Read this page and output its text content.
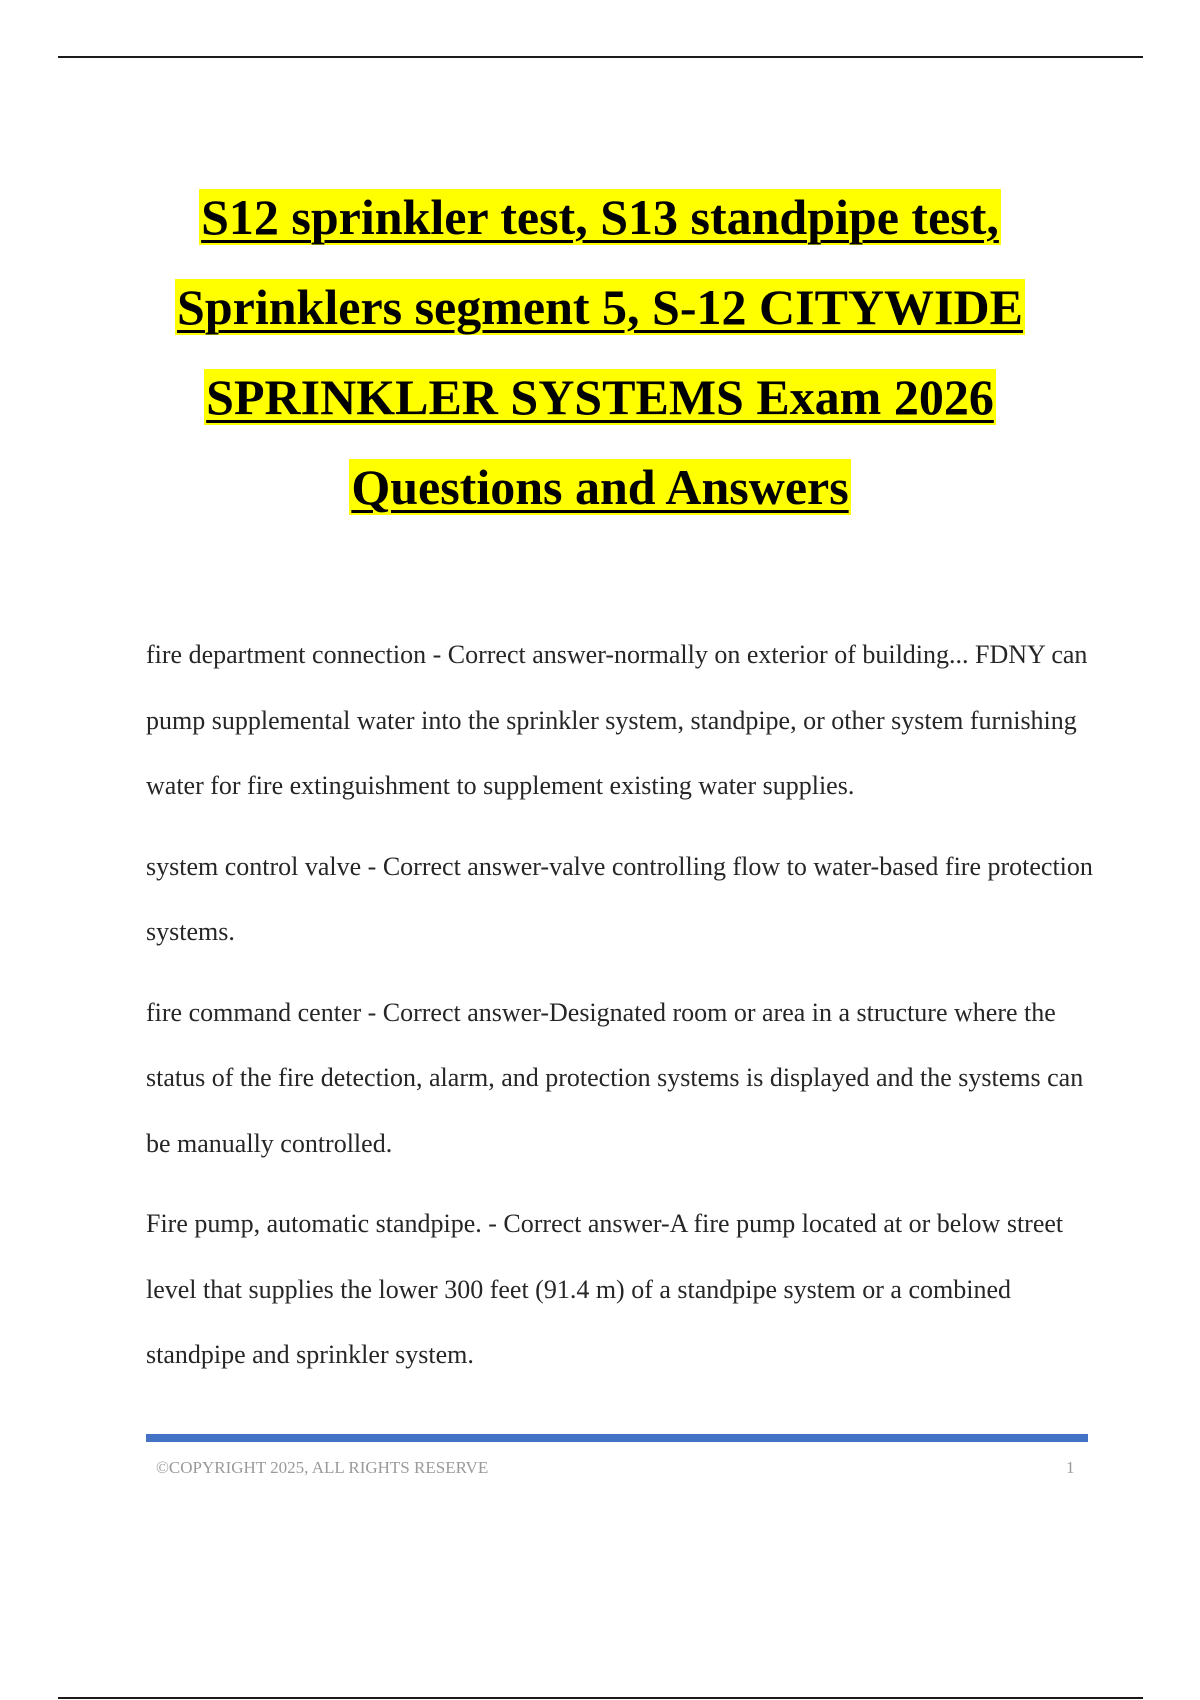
S12 sprinkler test, S13 standpipe test,
Sprinklers segment 5, S-12 CITYWIDE
SPRINKLER SYSTEMS Exam 2026
Questions and Answers

fire department connection - Correct answer-normally on exterior of building... FDNY can pump supplemental water into the sprinkler system, standpipe, or other system furnishing water for fire extinguishment to supplement existing water supplies.

system control valve - Correct answer-valve controlling flow to water-based fire protection systems.

fire command center - Correct answer-Designated room or area in a structure where the status of the fire detection, alarm, and protection systems is displayed and the systems can be manually controlled.

Fire pump, automatic standpipe. - Correct answer-A fire pump located at or below street level that supplies the lower 300 feet (91.4 m) of a standpipe system or a combined standpipe and sprinkler system.

©COPYRIGHT 2025, ALL RIGHTS RESERVE	1
